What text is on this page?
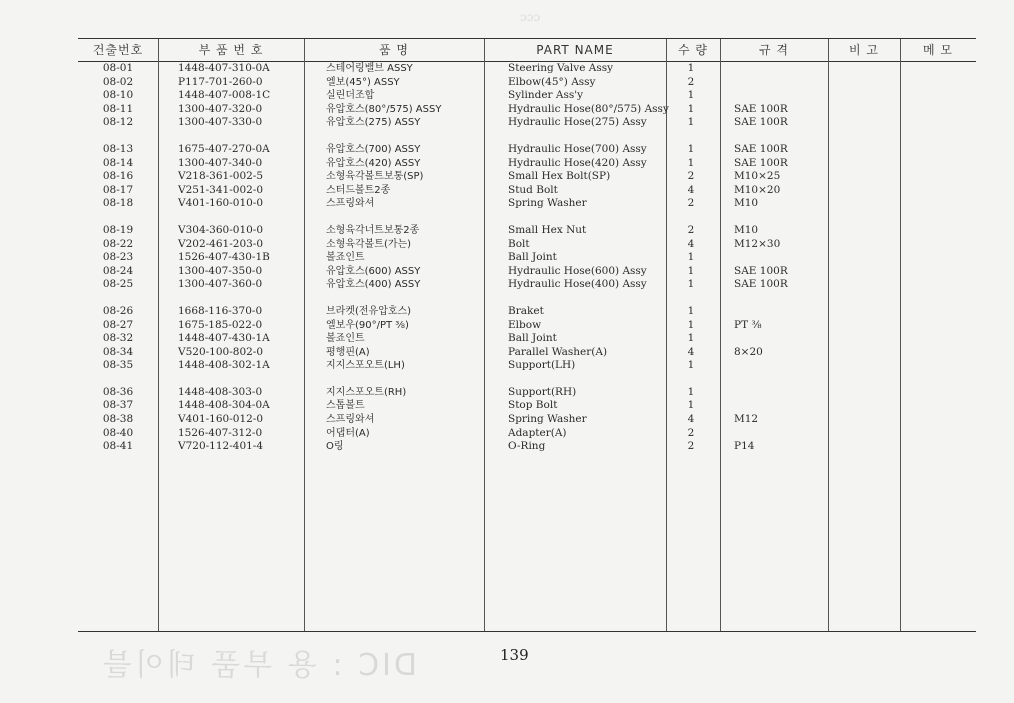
ɔɔɔ
건출번호	부 품 번 호	품 명	PART NAME	수 량	규 격	비 고	메 모
08-01	1448-407-310-0A	스테어링밸브 ASSY	Steering Valve Assy	1
08-02	P117-701-260-0	엘보(45°) ASSY	Elbow(45°) Assy	2
08-10	1448-407-008-1C	실린더조합	Sylinder Ass'y	1
08-11	1300-407-320-0	유압호스(80°/575) ASSY	Hydraulic Hose(80°/575) Assy	1	SAE 100R
08-12	1300-407-330-0	유압호스(275) ASSY	Hydraulic Hose(275) Assy	1	SAE 100R
08-13	1675-407-270-0A	유압호스(700) ASSY	Hydraulic Hose(700) Assy	1	SAE 100R
08-14	1300-407-340-0	유압호스(420) ASSY	Hydraulic Hose(420) Assy	1	SAE 100R
08-16	V218-361-002-5	소형육각볼트보통(SP)	Small Hex Bolt(SP)	2	M10×25
08-17	V251-341-002-0	스터드볼트2종	Stud Bolt	4	M10×20
08-18	V401-160-010-0	스프링와셔	Spring Washer	2	M10
08-19	V304-360-010-0	소형육각너트보통2종	Small Hex Nut	2	M10
08-22	V202-461-203-0	소형육각볼트(가는)	Bolt	4	M12×30
08-23	1526-407-430-1B	볼죠인트	Ball Joint	1
08-24	1300-407-350-0	유압호스(600) ASSY	Hydraulic Hose(600) Assy	1	SAE 100R
08-25	1300-407-360-0	유압호스(400) ASSY	Hydraulic Hose(400) Assy	1	SAE 100R
08-26	1668-116-370-0	브라켓(전유압호스)	Braket	1
08-27	1675-185-022-0	엘보우(90°/PT ⅜)	Elbow	1	PT ⅜
08-32	1448-407-430-1A	볼죠인트	Ball Joint	1
08-34	V520-100-802-0	평행핀(A)	Parallel Washer(A)	4	8×20
08-35	1448-408-302-1A	지지스포오트(LH)	Support(LH)	1
08-36	1448-408-303-0	지지스포오트(RH)	Support(RH)	1
08-37	1448-408-304-0A	스톱볼트	Stop Bolt	1
08-38	V401-160-012-0	스프링와셔	Spring Washer	4	M12
08-40	1526-407-312-0	어댑터(A)	Adapter(A)	2
08-41	V720-112-401-4	O링	O-Ring	2	P14
DIC : 용 부품 테이블	139
